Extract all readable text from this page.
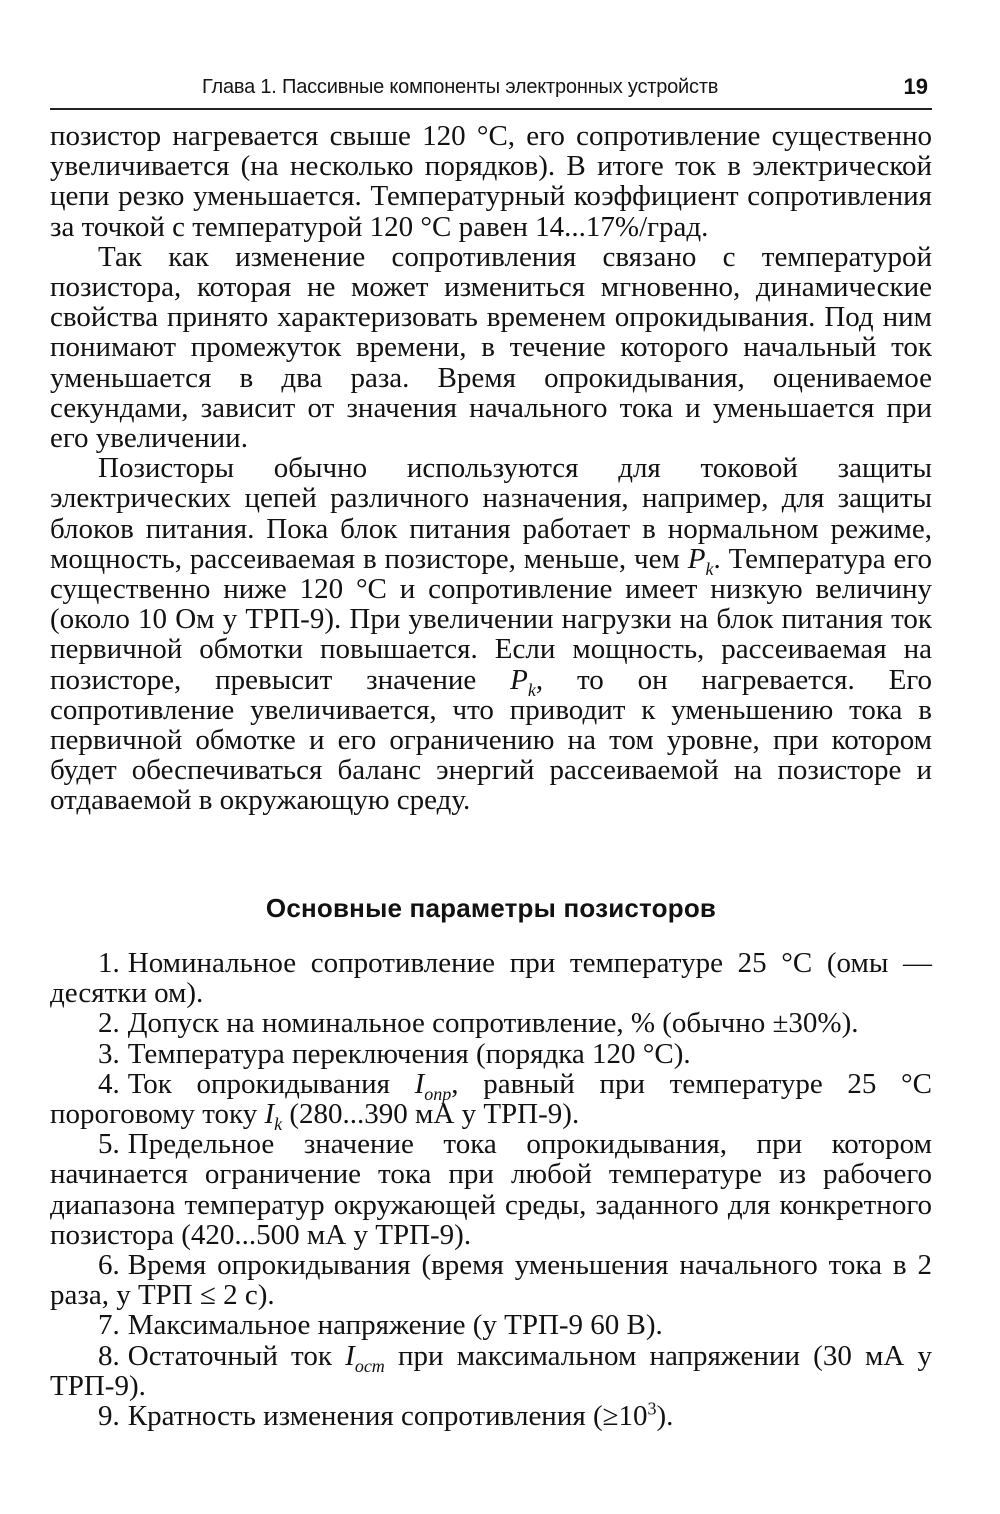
Глава 1. Пассивные компоненты электронных устройств	19

позистор нагревается свыше 120 °С, его сопротивление существенно увеличивается (на несколько порядков). В итоге ток в электрической цепи резко уменьшается. Температурный коэффициент сопротивления за точкой с температурой 120 °С равен 14...17%/град.

Так как изменение сопротивления связано с температурой позистора, которая не может измениться мгновенно, динамические свойства принято характеризовать временем опрокидывания. Под ним понимают промежуток времени, в течение которого начальный ток уменьшается в два раза. Время опрокидывания, оцениваемое секундами, зависит от значения начального тока и уменьшается при его увеличении.

Позисторы обычно используются для токовой защиты электрических цепей различного назначения, например, для защиты блоков питания. Пока блок питания работает в нормальном режиме, мощность, рассеиваемая в позисторе, меньше, чем $P_k$. Температура его существенно ниже 120 °С и сопротивление имеет низкую величину (около 10 Ом у ТРП-9). При увеличении нагрузки на блок питания ток первичной обмотки повышается. Если мощность, рассеиваемая на позисторе, превысит значение $P_k$, то он нагревается. Его сопротивление увеличивается, что приводит к уменьшению тока в первичной обмотке и его ограничению на том уровне, при котором будет обеспечиваться баланс энергий рассеиваемой на позисторе и отдаваемой в окружающую среду.

Основные параметры позисторов

1. Номинальное сопротивление при температуре 25 °С (омы — десятки ом).

2. Допуск на номинальное сопротивление, % (обычно ±30%).

3. Температура переключения (порядка 120 °С).

4. Ток опрокидывания $I_{опр}$, равный при температуре 25 °С пороговому току $I_k$ (280...390 мА у ТРП-9).

5. Предельное значение тока опрокидывания, при котором начинается ограничение тока при любой температуре из рабочего диапазона температур окружающей среды, заданного для конкретного позистора (420...500 мА у ТРП-9).

6. Время опрокидывания (время уменьшения начального тока в 2 раза, у ТРП ≤ 2 с).

7. Максимальное напряжение (у ТРП-9 60 В).

8. Остаточный ток $I_{ост}$ при максимальном напряжении (30 мА у ТРП-9).

9. Кратность изменения сопротивления $(\ge 10^3)$.
